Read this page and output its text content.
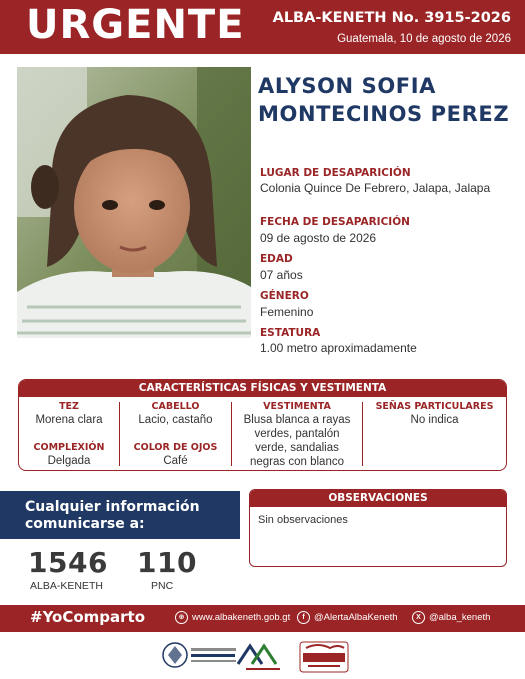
URGENTE ALBA-KENETH No. 3915-2026
Guatemala, 10 de agosto de 2026
ALYSON SOFIA
MONTECINOS PEREZ
LUGAR DE DESAPARICIÓN
Colonia Quince De Febrero, Jalapa, Jalapa
FECHA DE DESAPARICIÓN
09 de agosto de 2026
EDAD
07 años
GÉNERO
Femenino
ESTATURA
1.00 metro aproximadamente
CARACTERÍSTICAS FÍSICAS Y VESTIMENTA
TEZ
Morena clara
COMPLEXIÓN
Delgada
CABELLO
Lacio, castaño
COLOR DE OJOS
Café
VESTIMENTA
Blusa blanca a rayas
verdes, pantalón
verde, sandalias
negras con blanco
SEÑAS PARTICULARES
No indica
Cualquier información
comunicarse a:
1546
ALBA-KENETH
110
PNC
OBSERVACIONES
Sin observaciones
#YoComparto	⊕ www.albakeneth.gob.gt	f @AlertaAlbaKeneth	X @alba_keneth
